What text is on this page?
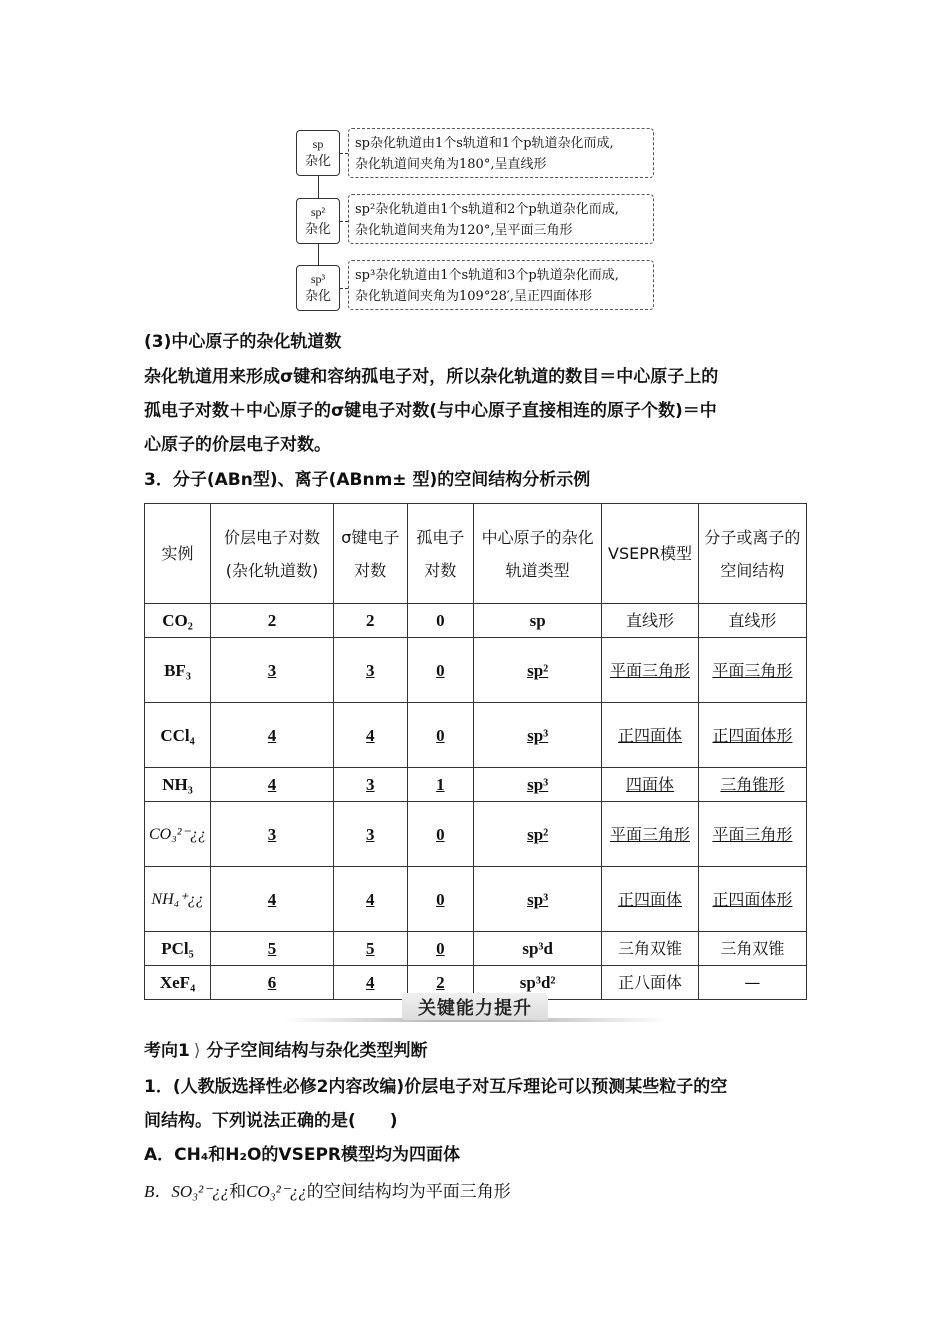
sp
杂化
sp杂化轨道由1个s轨道和1个p轨道杂化而成,
杂化轨道间夹角为180°,呈直线形
sp²
杂化
sp²杂化轨道由1个s轨道和2个p轨道杂化而成,
杂化轨道间夹角为120°,呈平面三角形
sp³
杂化
sp³杂化轨道由1个s轨道和3个p轨道杂化而成,
杂化轨道间夹角为109°28′,呈正四面体形
(3)中心原子的杂化轨道数
杂化轨道用来形成σ键和容纳孤电子对，所以杂化轨道的数目＝中心原子上的
孤电子对数＋中心原子的σ键电子对数(与中心原子直接相连的原子个数)＝中
心原子的价层电子对数。
3．分子(ABn型)、离子(ABnm± 型)的空间结构分析示例
实例	价层电子对数(杂化轨道数)	σ键电子对数	孤电子对数	中心原子的杂化轨道类型	VSEPR模型	分子或离子的空间结构
CO₂	2	2	0	sp	直线形	直线形
BF₃	3	3	0	sp²	平面三角形	平面三角形
CCl₄	4	4	0	sp³	正四面体	正四面体形
NH₃	4	3	1	sp³	四面体	三角锥形
CO₃²⁻¿¿	3	3	0	sp²	平面三角形	平面三角形
NH₄⁺¿¿	4	4	0	sp³	正四面体	正四面体形
PCl₅	5	5	0	sp³d	三角双锥	三角双锥
XeF₄	6	4	2	sp³d²	正八面体	—
关键能力提升
考向1 ⟩ 分子空间结构与杂化类型判断
1．(人教版选择性必修2内容改编)价层电子对互斥理论可以预测某些粒子的空
间结构。下列说法正确的是(　　)
A．CH₄和H₂O的VSEPR模型均为四面体
B．SO₃²⁻¿¿和CO₃²⁻¿¿的空间结构均为平面三角形
